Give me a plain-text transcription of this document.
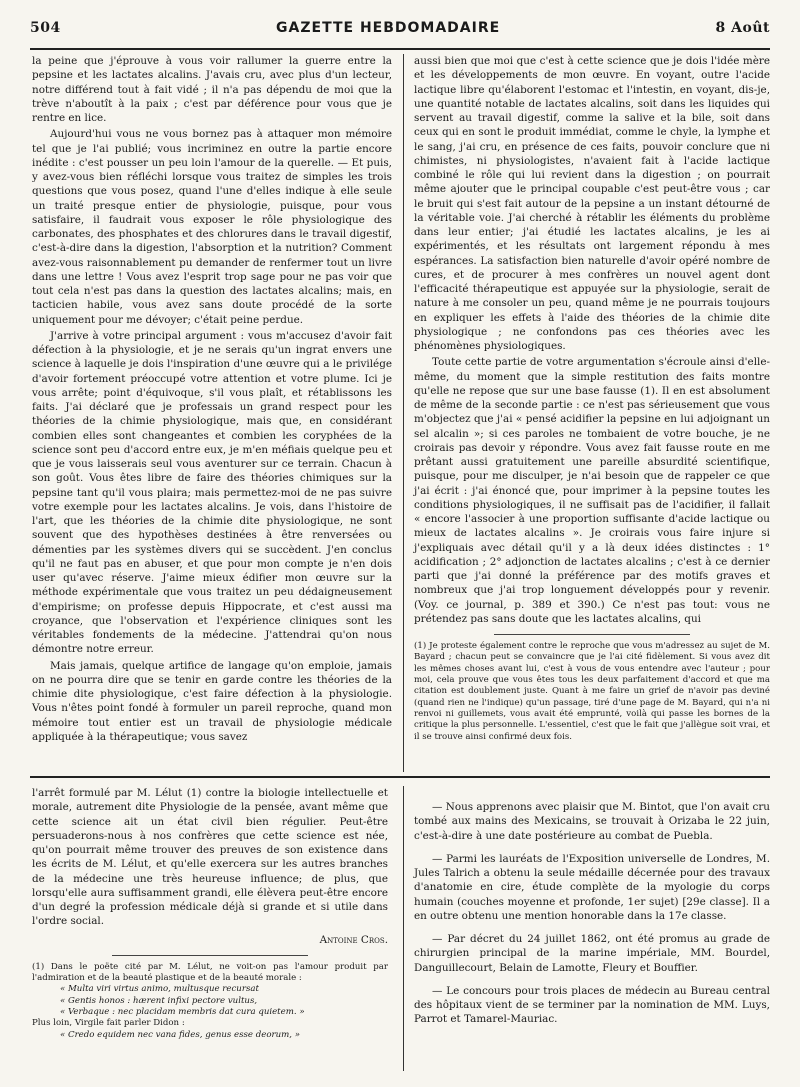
504	GAZETTE HEBDOMADAIRE	8 Août

la peine que j'éprouve à vous voir rallumer la guerre entre la pepsine et les lactates alcalins. J'avais cru, avec plus d'un lecteur, notre différend tout à fait vidé ; il n'a pas dépendu de moi que la trève n'aboutît à la paix ; c'est par déférence pour vous que je rentre en lice.

Aujourd'hui vous ne vous bornez pas à attaquer mon mémoire tel que je l'ai publié; vous incriminez en outre la partie encore inédite : c'est pousser un peu loin l'amour de la querelle. — Et puis, y avez-vous bien réfléchi lorsque vous traitez de simples les trois questions que vous posez, quand l'une d'elles indique à elle seule un traité presque entier de physiologie, puisque, pour vous satisfaire, il faudrait vous exposer le rôle physiologique des carbonates, des phosphates et des chlorures dans le travail digestif, c'est-à-dire dans la digestion, l'absorption et la nutrition? Comment avez-vous raisonnablement pu demander de renfermer tout un livre dans une lettre ! Vous avez l'esprit trop sage pour ne pas voir que tout cela n'est pas dans la question des lactates alcalins; mais, en tacticien habile, vous avez sans doute procédé de la sorte uniquement pour me dévoyer; c'était peine perdue.

J'arrive à votre principal argument : vous m'accusez d'avoir fait défection à la physiologie, et je ne serais qu'un ingrat envers une science à laquelle je dois l'inspiration d'une œuvre qui a le privilége d'avoir fortement préoccupé votre attention et votre plume. Ici je vous arrête; point d'équivoque, s'il vous plaît, et rétablissons les faits. J'ai déclaré que je professais un grand respect pour les théories de la chimie physiologique, mais que, en considérant combien elles sont changeantes et combien les coryphées de la science sont peu d'accord entre eux, je m'en méfiais quelque peu et que je vous laisserais seul vous aventurer sur ce terrain. Chacun à son goût. Vous êtes libre de faire des théories chimiques sur la pepsine tant qu'il vous plaira; mais permettez-moi de ne pas suivre votre exemple pour les lactates alcalins. Je vois, dans l'histoire de l'art, que les théories de la chimie dite physiologique, ne sont souvent que des hypothèses destinées à être renversées ou démenties par les systèmes divers qui se succèdent. J'en conclus qu'il ne faut pas en abuser, et que pour mon compte je n'en dois user qu'avec réserve. J'aime mieux édifier mon œuvre sur la méthode expérimentale que vous traitez un peu dédaigneusement d'empirisme; on professe depuis Hippocrate, et c'est aussi ma croyance, que l'observation et l'expérience cliniques sont les véritables fondements de la médecine. J'attendrai qu'on nous démontre notre erreur.

Mais jamais, quelque artifice de langage qu'on emploie, jamais on ne pourra dire que se tenir en garde contre les théories de la chimie dite physiologique, c'est faire défection à la physiologie. Vous n'êtes point fondé à formuler un pareil reproche, quand mon mémoire tout entier est un travail de physiologie médicale appliquée à la thérapeutique; vous savez

aussi bien que moi que c'est à cette science que je dois l'idée mère et les développements de mon œuvre. En voyant, outre l'acide lactique libre qu'élaborent l'estomac et l'intestin, en voyant, dis-je, une quantité notable de lactates alcalins, soit dans les liquides qui servent au travail digestif, comme la salive et la bile, soit dans ceux qui en sont le produit immédiat, comme le chyle, la lymphe et le sang, j'ai cru, en présence de ces faits, pouvoir conclure que ni chimistes, ni physiologistes, n'avaient fait à l'acide lactique combiné le rôle qui lui revient dans la digestion ; on pourrait même ajouter que le principal coupable c'est peut-être vous ; car le bruit qui s'est fait autour de la pepsine a un instant détourné de la véritable voie. J'ai cherché à rétablir les éléments du problème dans leur entier; j'ai étudié les lactates alcalins, je les ai expérimentés, et les résultats ont largement répondu à mes espérances. La satisfaction bien naturelle d'avoir opéré nombre de cures, et de procurer à mes confrères un nouvel agent dont l'efficacité thérapeutique est appuyée sur la physiologie, serait de nature à me consoler un peu, quand même je ne pourrais toujours en expliquer les effets à l'aide des théories de la chimie dite physiologique ; ne confondons pas ces théories avec les phénomènes physiologiques.

Toute cette partie de votre argumentation s'écroule ainsi d'elle-même, du moment que la simple restitution des faits montre qu'elle ne repose que sur une base fausse (1). Il en est absolument de même de la seconde partie : ce n'est pas sérieusement que vous m'objectez que j'ai « pensé acidifier la pepsine en lui adjoignant un sel alcalin »; si ces paroles ne tombaient de votre bouche, je ne croirais pas devoir y répondre. Vous avez fait fausse route en me prêtant aussi gratuitement une pareille absurdité scientifique, puisque, pour me disculper, je n'ai besoin que de rappeler ce que j'ai écrit : j'ai énoncé que, pour imprimer à la pepsine toutes les conditions physiologiques, il ne suffisait pas de l'acidifier, il fallait « encore l'associer à une proportion suffisante d'acide lactique ou mieux de lactates alcalins ». Je croirais vous faire injure si j'expliquais avec détail qu'il y a là deux idées distinctes : 1° acidification ; 2° adjonction de lactates alcalins ; c'est à ce dernier parti que j'ai donné la préférence par des motifs graves et nombreux que j'ai trop longuement développés pour y revenir. (Voy. ce journal, p. 389 et 390.) Ce n'est pas tout: vous ne prétendez pas sans doute que les lactates alcalins, qui

(1) Je proteste également contre le reproche que vous m'adressez au sujet de M. Bayard ; chacun peut se convaincre que je l'ai cité fidèlement. Si vous avez dit les mêmes choses avant lui, c'est à vous de vous entendre avec l'auteur ; pour moi, cela prouve que vous êtes tous les deux parfaitement d'accord et que ma citation est doublement juste. Quant à me faire un grief de n'avoir pas deviné (quand rien ne l'indique) qu'un passage, tiré d'une page de M. Bayard, qui n'a ni renvoi ni guillemets, vous avait été emprunté, voilà qui passe les bornes de la critique la plus personnelle. L'essentiel, c'est que le fait que j'allègue soit vrai, et il se trouve ainsi confirmé deux fois.

l'arrêt formulé par M. Lélut (1) contre la biologie intellectuelle et morale, autrement dite Physiologie de la pensée, avant même que cette science ait un état civil bien régulier. Peut-être persuaderons-nous à nos confrères que cette science est née, qu'on pourrait même trouver des preuves de son existence dans les écrits de M. Lélut, et qu'elle exercera sur les autres branches de la médecine une très heureuse influence; de plus, que lorsqu'elle aura suffisamment grandi, elle élèvera peut-être encore d'un degré la profession médicale déjà si grande et si utile dans l'ordre social.

Antoine Cros.
(1) Dans le poëte cité par M. Lélut, ne voit-on pas l'amour produit par l'admiration et de la beauté plastique et de la beauté morale :
« Multa viri virtus animo, multusque recursat
« Gentis honos : hærent infixi pectore vultus,
« Verbaque : nec placidam membris dat cura quietem. »
Plus loin, Virgile fait parler Didon :
« Credo equidem nec vana fides, genus esse deorum, »

— Nous apprenons avec plaisir que M. Bintot, que l'on avait cru tombé aux mains des Mexicains, se trouvait à Orizaba le 22 juin, c'est-à-dire à une date postérieure au combat de Puebla.

— Parmi les lauréats de l'Exposition universelle de Londres, M. Jules Talrich a obtenu la seule médaille décernée pour des travaux d'anatomie en cire, étude complète de la myologie du corps humain (couches moyenne et profonde, 1er sujet) [29e classe]. Il a en outre obtenu une mention honorable dans la 17e classe.

— Par décret du 24 juillet 1862, ont été promus au grade de chirurgien principal de la marine impériale, MM. Bourdel, Danguillecourt, Belain de Lamotte, Fleury et Bouffier.

— Le concours pour trois places de médecin au Bureau central des hôpitaux vient de se terminer par la nomination de MM. Luys, Parrot et Tamarel-Mauriac.
